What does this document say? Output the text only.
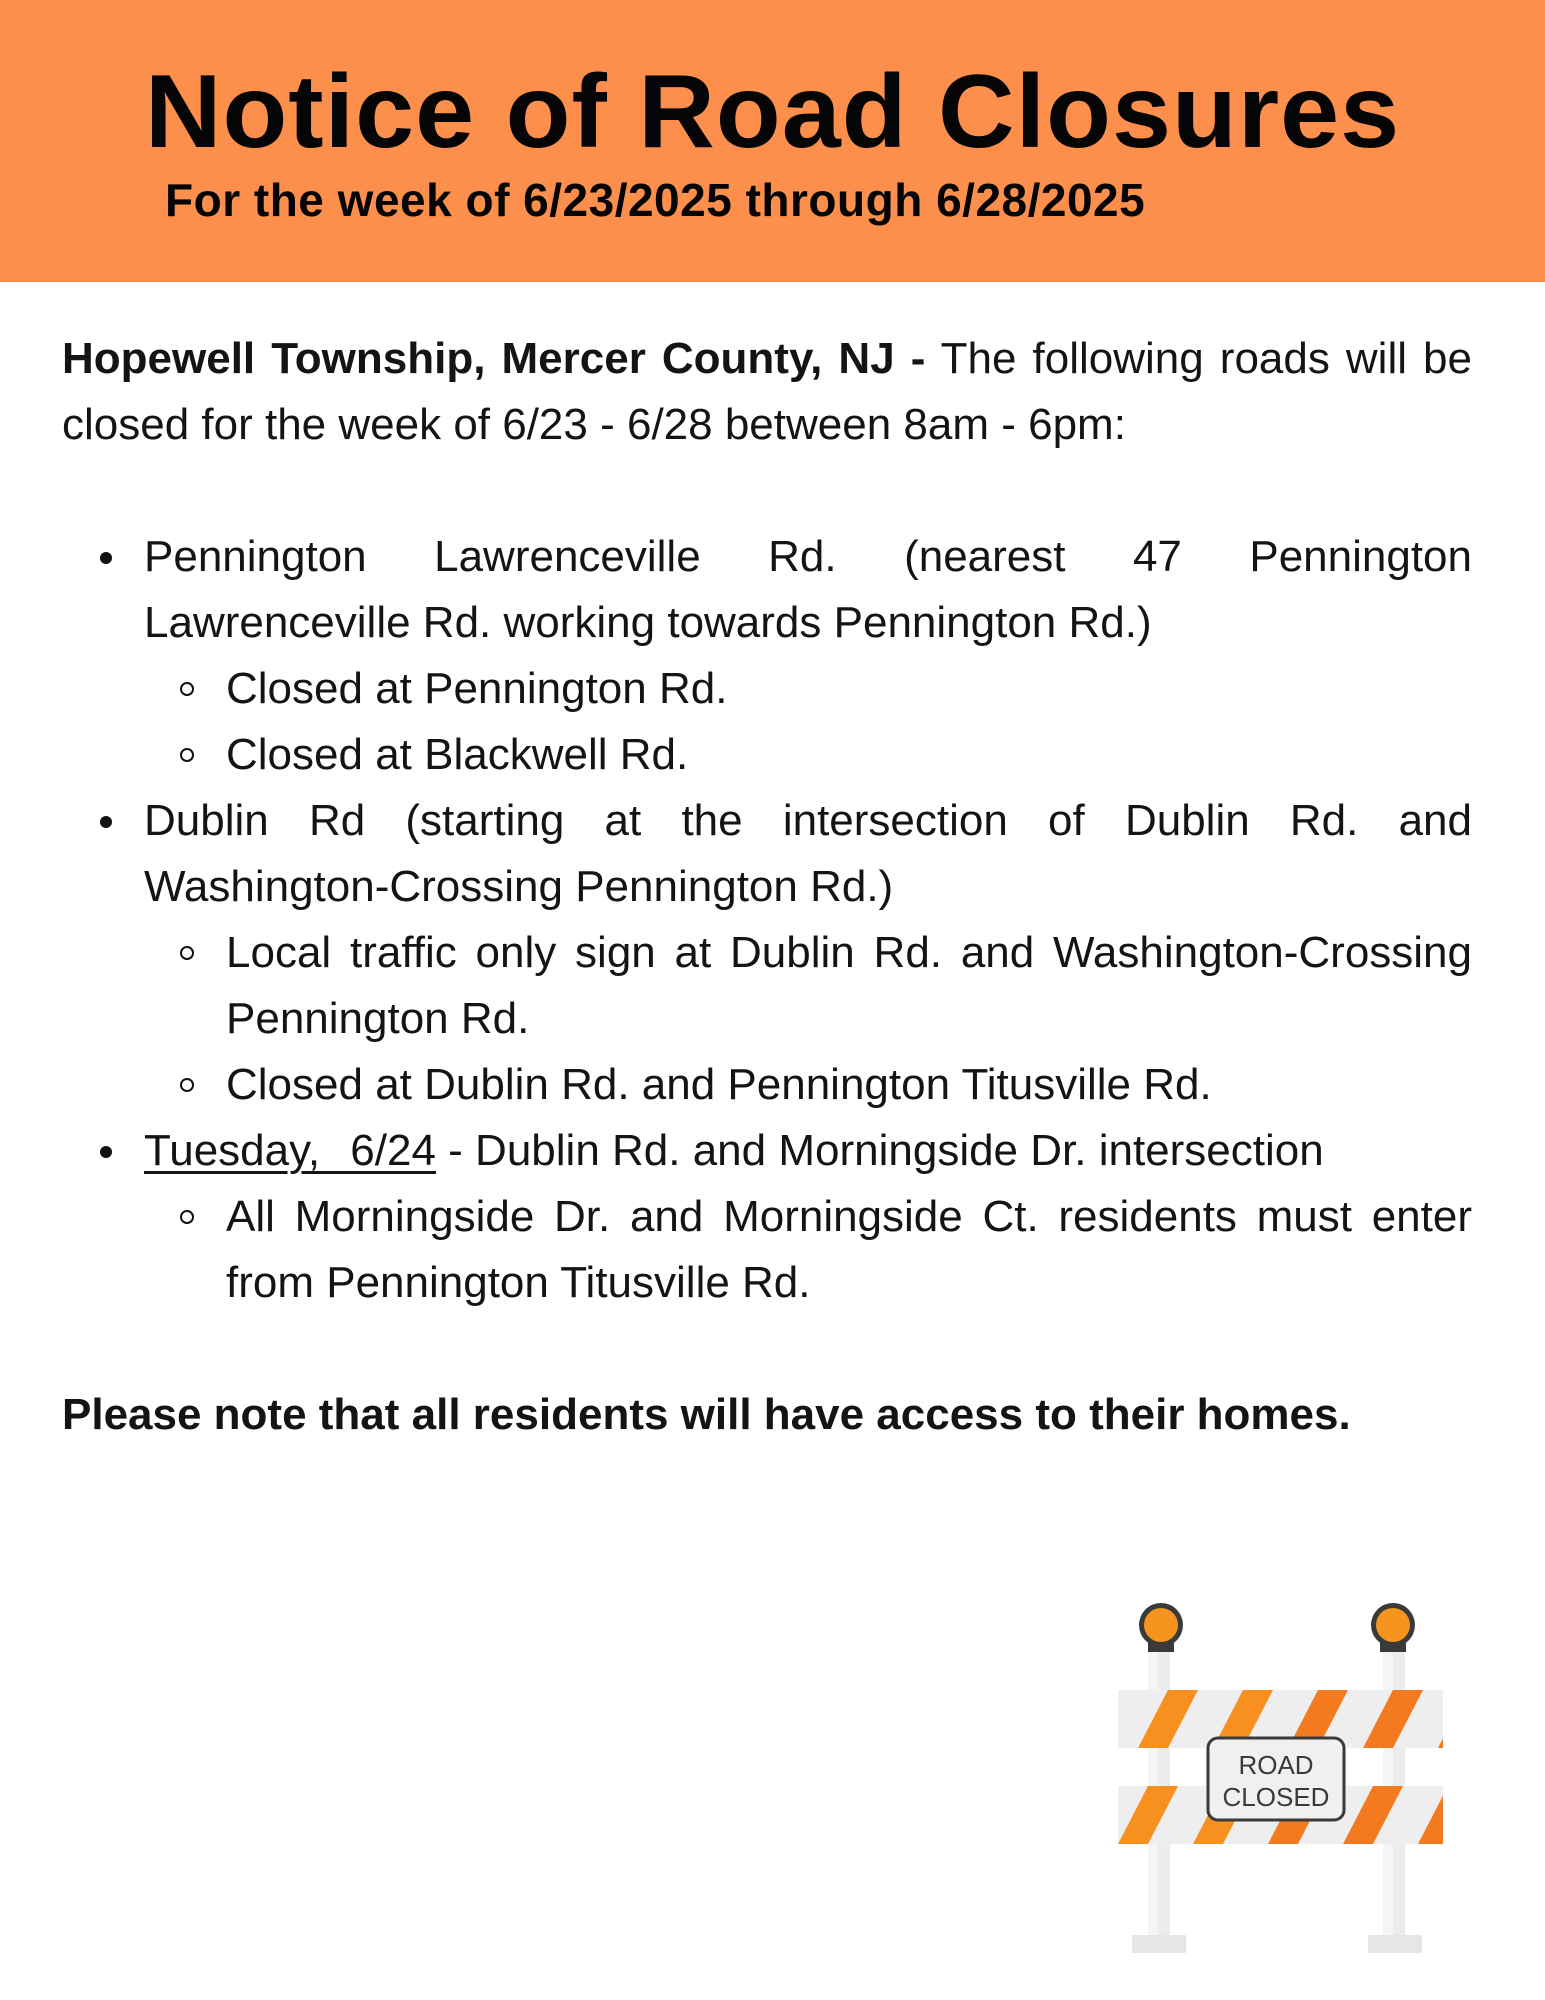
Notice of Road Closures
For the week of 6/23/2025 through 6/28/2025

Hopewell Township, Mercer County, NJ - The following roads will be closed for the week of 6/23 - 6/28 between 8am - 6pm:

Pennington Lawrenceville Rd. (nearest 47 Pennington Lawrenceville Rd. working towards Pennington Rd.)
Closed at Pennington Rd.
Closed at Blackwell Rd.
Dublin Rd (starting at the intersection of Dublin Rd. and Washington-Crossing Pennington Rd.)
Local traffic only sign at Dublin Rd. and Washington-Crossing Pennington Rd.
Closed at Dublin Rd. and Pennington Titusville Rd.
Tuesday, 6/24 - Dublin Rd. and Morningside Dr. intersection
All Morningside Dr. and Morningside Ct. residents must enter from Pennington Titusville Rd.

Please note that all residents will have access to their homes.

ROAD
CLOSED
